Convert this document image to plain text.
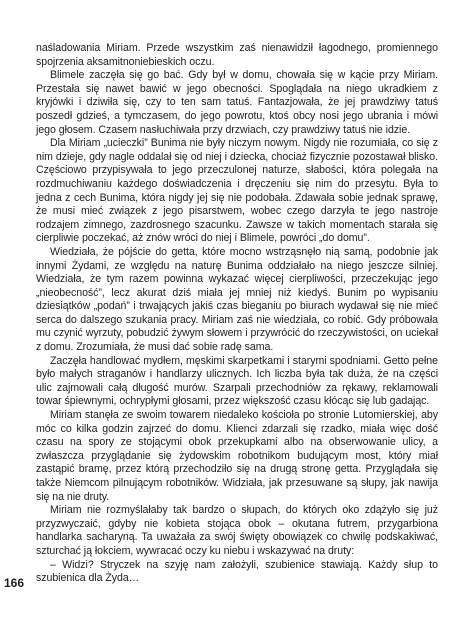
naśladowania Miriam. Przede wszystkim zaś nienawidził łagodnego, promiennego spojrzenia aksamitnoniebieskich oczu.

Blimele zaczęła się go bać. Gdy był w domu, chowała się w kącie przy Miriam. Przestała się nawet bawić w jego obecności. Spoglądała na niego ukradkiem z kryjówki i dziwiła się, czy to ten sam tatuś. Fantazjowała, że jej prawdziwy tatuś poszedł gdzieś, a tymczasem, do jego powrotu, ktoś obcy nosi jego ubrania i mówi jego głosem. Czasem nasłuchiwała przy drzwiach, czy prawdziwy tatuś nie idzie.

Dla Miriam „ucieczki” Bunima nie były niczym nowym. Nigdy nie rozumiała, co się z nim dzieje, gdy nagle oddalał się od niej i dziecka, chociaż fizycznie pozostawał blisko. Częściowo przypisywała to jego przeczulonej naturze, słabości, która polegała na rozdmuchiwaniu każdego doświadczenia i dręczeniu się nim do przesytu. Była to jedna z cech Bunima, która nigdy jej się nie podobała. Zdawała sobie jednak sprawę, że musi mieć związek z jego pisarstwem, wobec czego darzyła te jego nastroje rodzajem zimnego, zazdrosnego szacunku. Zawsze w takich momentach starała się cierpliwie poczekać, aż znów wróci do niej i Blimele, powróci „do domu”.

Wiedziała, że pójście do getta, które mocno wstrząsnęło nią samą, podobnie jak innymi Żydami, ze względu na naturę Bunima oddziałało na niego jeszcze silniej. Wiedziała, że tym razem powinna wykazać więcej cierpliwości, przeczekując jego „nieobecność”, lecz akurat dziś miała jej mniej niż kiedyś. Bunim po wypisaniu dziesiątków „podań” i trwających jakiś czas bieganiu po biurach wydawał się nie mieć serca do dalszego szukania pracy. Miriam zaś nie wiedziała, co robić. Gdy próbowała mu czynić wyrzuty, pobudzić żywym słowem i przywrócić do rzeczywistości, on uciekał z domu. Zrozumiała, że musi dać sobie radę sama.

Zaczęła handlować mydłem, męskimi skarpetkami i starymi spodniami. Getto pełne było małych straganów i handlarzy ulicznych. Ich liczba była tak duża, że na części ulic zajmowali całą długość murów. Szarpali przechodniów za rękawy, reklamowali towar śpiewnymi, ochrypłymi głosami, przez większość czasu kłócąc się lub gadając.

Miriam stanęła ze swoim towarem niedaleko kościoła po stronie Lutomierskiej, aby móc co kilka godzin zajrzeć do domu. Klienci zdarzali się rzadko, miała więc dość czasu na spory ze stojącymi obok przekupkami albo na obserwowanie ulicy, a zwłaszcza przyglądanie się żydowskim robotnikom budującym most, który miał zastąpić bramę, przez którą przechodziło się na drugą stronę getta. Przyglądała się także Niemcom pilnującym robotników. Widziała, jak przesuwane są słupy, jak nawija się na nie druty.

Miriam nie rozmyślałaby tak bardzo o słupach, do których oko zdążyło się już przyzwyczaić, gdyby nie kobieta stojąca obok – okutana futrem, przygarbiona handlarka sacharyną. Ta uważała za swój święty obowiązek co chwilę podskakiwać, szturchać ją łokciem, wywracać oczy ku niebu i wskazywać na druty:

– Widzi? Stryczek na szyję nam założyli, szubienice stawiają. Każdy słup to szubienica dla Żyda…

166
